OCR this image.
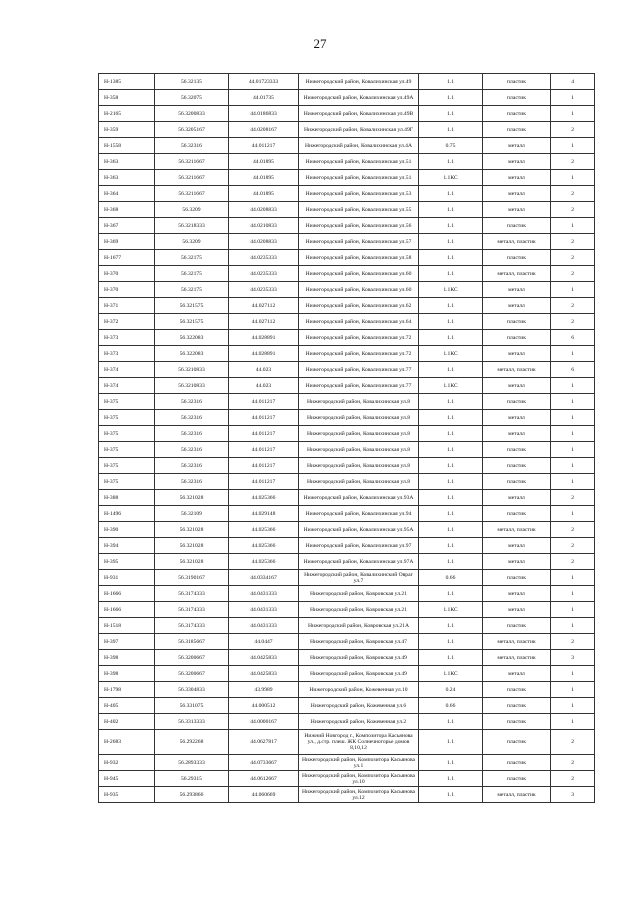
27
Н-1385	56.32135	44.01723333	Нижегородский район, Ковалихинская ул.49	1.1	пластик	4
Н-358	56.32075	44.01735	Нижегородский район, Ковалихинская ул.49А	1.1	пластик	1
Н-2165	56.3200833	44.0186833	Нижегородский район, Ковалихинская ул.49В	1.1	пластик	1
Н-359	56.3205167	44.0208167	Нижегородский район, Ковалихинская ул.49Г	1.1	пластик	2
Н-1558	56.32316	44.011217	Нижегородский район, Ковалихинская ул.4А	0.75	металл	1
Н-363	56.3211667	44.01895	Нижегородский район, Ковалихинская ул.51	1.1	металл	2
Н-363	56.3211667	44.01895	Нижегородский район, Ковалихинская ул.51	1.1КС	металл	1
Н-364	56.3211667	44.01895	Нижегородский район, Ковалихинская ул.53	1.1	металл	2
Н-368	56.3209	44.0208833	Нижегородский район, Ковалихинская ул.55	1.1	металл	2
Н-367	56.3218333	44.0210833	Нижегородский район, Ковалихинская ул.56	1.1	пластик	1
Н-369	56.3209	44.0208833	Нижегородский район, Ковалихинская ул.57	1.1	металл, пластик	2
Н-1677	56.32175	44.0235333	Нижегородский район, Ковалихинская ул.58	1.1	пластик	2
Н-370	56.32175	44.0235333	Нижегородский район, Ковалихинская ул.60	1.1	металл, пластик	2
Н-370	56.32175	44.0235333	Нижегородский район, Ковалихинская ул.60	1.1КС	металл	1
Н-371	56.321575	44.027112	Нижегородский район, Ковалихинская ул.62	1.1	металл	2
Н-372	56.321575	44.027112	Нижегородский район, Ковалихинская ул.64	1.1	пластик	2
Н-373	56.322083	44.028891	Нижегородский район, Ковалихинская ул.72	1.1	пластик	6
Н-373	56.322083	44.028891	Нижегородский район, Ковалихинская ул.72	1.1КС	металл	1
Н-374	56.3210833	44.023	Нижегородский район, Ковалихинская ул.77	1.1	металл, пластик	6
Н-374	56.3210833	44.023	Нижегородский район, Ковалихинская ул.77	1.1КС	металл	1
Н-375	56.32316	44.011217	Нижегородский район, Ковалихинская ул.8	1.1	пластик	1
Н-375	56.32316	44.011217	Нижегородский район, Ковалихинская ул.8	1.1	металл	1
Н-375	56.32316	44.011217	Нижегородский район, Ковалихинская ул.8	1.1	металл	1
Н-375	56.32316	44.011217	Нижегородский район, Ковалихинская ул.8	1.1	пластик	1
Н-375	56.32316	44.011217	Нижегородский район, Ковалихинская ул.8	1.1	пластик	1
Н-375	56.32316	44.011217	Нижегородский район, Ковалихинская ул.8	1.1	пластик	1
Н-388	56.321028	44.025366	Нижегородский район, Ковалихинская ул.93А	1.1	металл	2
Н-1496	56.32109	44.029148	Нижегородский район, Ковалихинская ул.94	1.1	пластик	1
Н-390	56.321028	44.025366	Нижегородский район, Ковалихинская ул.95А	1.1	металл, пластик	2
Н-394	56.321028	44.025366	Нижегородский район, Ковалихинская ул.97	1.1	металл	2
Н-395	56.321028	44.025366	Нижегородский район, Ковалихинская ул.97А	1.1	металл	2
Н-931	56.3190167	44.0334167	Нижегородский район, Ковалихинский Овраг ул.7	0.66	пластик	1
Н-1666	56.3174333	44.0431333	Нижегородский район, Ковровская ул.21	1.1	металл	1
Н-1666	56.3174333	44.0431333	Нижегородский район, Ковровская ул.21	1.1КС	металл	1
Н-1518	56.3174333	44.0431333	Нижегородский район, Ковровская ул.21А	1.1	пластик	1
Н-397	56.3185667	44.0447	Нижегородский район, Ковровская ул.47	1.1	металл, пластик	2
Н-398	56.3200667	44.0425833	Нижегородский район, Ковровская ул.49	1.1	металл, пластик	3
Н-398	56.3200667	44.0425833	Нижегородский район, Ковровская ул.49	1.1КС	металл	1
Н-1798	56.3304833	43.9989	Нижегородский район, Кожевенная ул.10	0.24	пластик	1
Н-405	56.331075	44.000512	Нижегородский район, Кожевенная ул.6	0.66	пластик	1
Н-402	56.3313333	44.0000167	Нижегородский район, Кожевенная ул.2	1.1	пластик	1
Н-2683	56.292268	44.0627817	Нижний Новгород г., Композитора Касьянова ул., д.стр. плеш. ЖК Солнечногорье домов 8,10,12	1.1	пластик	2
Н-932	56.2893333	44.0733667	Нижегородский район, Композитора Касьянова ул.1	1.1	пластик	2
Н-945	56.29315	44.0612667	Нижегородский район, Композитора Касьянова ул.10	1.1	пластик	2
Н-935	56.293866	44.060669	Нижегородский район, Композитора Касьянова ул.12	1.1	металл, пластик	3
